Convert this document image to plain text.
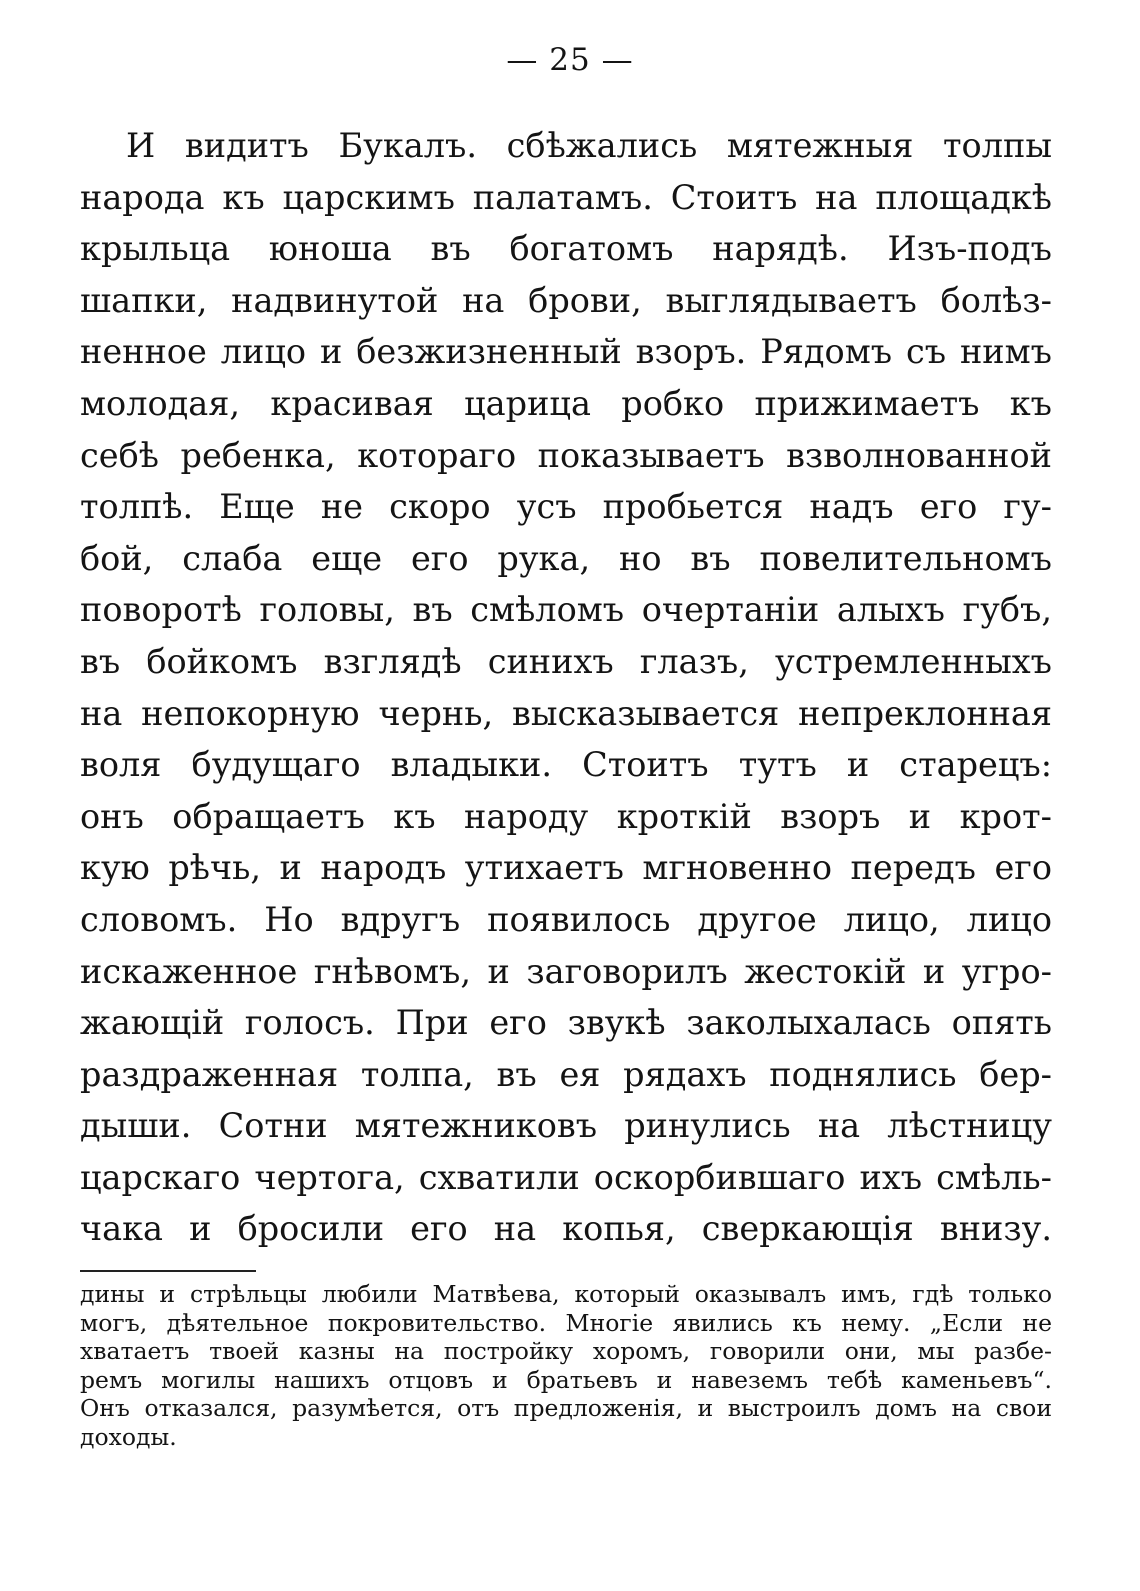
— 25 —
И видитъ Букалъ. сбѣжались мятежныя толпы
народа къ царскимъ палатамъ. Стоитъ на площадкѣ
крыльца юноша въ богатомъ нарядѣ. Изъ-подъ
шапки, надвинутой на брови, выглядываетъ болѣз-
ненное лицо и безжизненный взоръ. Рядомъ съ нимъ
молодая, красивая царица робко прижимаетъ къ
себѣ ребенка, котораго показываетъ взволнованной
толпѣ. Еще не скоро усъ пробьется надъ его гу-
бой, слаба еще его рука, но въ повелительномъ
поворотѣ головы, въ смѣломъ очертаніи алыхъ губъ,
въ бойкомъ взглядѣ синихъ глазъ, устремленныхъ
на непокорную чернь, высказывается непреклонная
воля будущаго владыки. Стоитъ тутъ и старецъ:
онъ обращаетъ къ народу кроткій взоръ и крот-
кую рѣчь, и народъ утихаетъ мгновенно передъ его
словомъ. Но вдругъ появилось другое лицо, лицо
искаженное гнѣвомъ, и заговорилъ жестокій и угро-
жающій голосъ. При его звукѣ заколыхалась опять
раздраженная толпа, въ ея рядахъ поднялись бер-
дыши. Сотни мятежниковъ ринулись на лѣстницу
царскаго чертога, схватили оскорбившаго ихъ смѣль-
чака и бросили его на копья, сверкающія внизу.
дины и стрѣльцы любили Матвѣева, который оказывалъ имъ, гдѣ только
могъ, дѣятельное покровительство. Многіе явились къ нему. „Если не
хватаетъ твоей казны на постройку хоромъ, говорили они, мы разбе-
ремъ могилы нашихъ отцовъ и братьевъ и навеземъ тебѣ каменьевъ“.
Онъ отказался, разумѣется, отъ предложенія, и выстроилъ домъ на свои
доходы.
